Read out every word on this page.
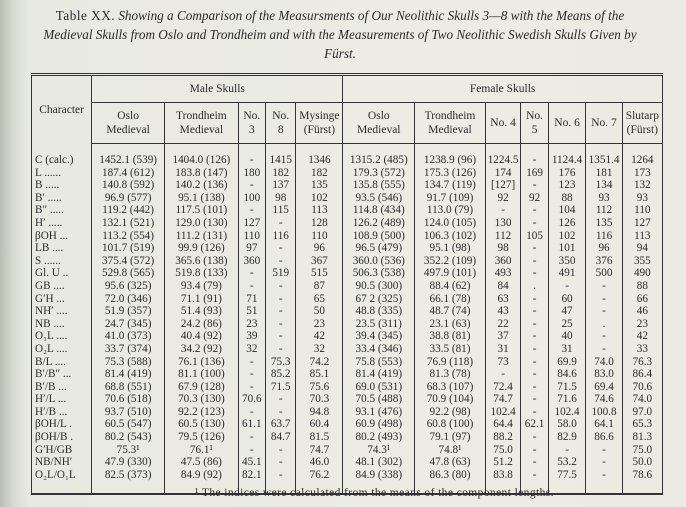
Table XX. Showing a Comparison of the Measursments of Our Neolithic Skulls 3—8 with the Means of the Medieval Skulls from Oslo and Trondheim and with the Measurements of Two Neolithic Swedish Skulls Given by Fürst.
Character	Male Skulls					Female Skulls						
	Oslo Medieval	Trondheim Medieval	No. 3	No. 8	Mysinge (Fürst)	Oslo Medieval	Trondheim Medieval	No. 4	No. 5	No. 6	No. 7	Slutarp (Fürst)

C (calc.)	1452.1 (539)	1404.0 (126)	-	1415	1346	1315.2 (485)	1238.9 (96)	1224.5	-	1124.4	1351.4	1264
L ......	187.4 (612)	183.8 (147)	180	182	182	179.3 (572)	175.3 (126)	174	169	176	181	173
B .....	140.8 (592)	140.2 (136)	-	137	135	135.8 (555)	134.7 (119)	[127]	-	123	134	132
B′ .....	96.9 (577)	95.1 (138)	100	98	102	93.5 (546)	91.7 (109)	92	92	88	93	93
B″ .....	119.2 (442)	117.5 (101)	-	115	113	114.8 (434)	113.0 (79)	-	-	104	112	110
H′ .....	132.1 (521)	129.0 (130)	127	-	128	126.2 (489)	124.0 (105)	130	-	126	135	127
βOH ...	113.2 (554)	111.2 (131)	110	116	110	108.9 (500)	106.3 (102)	112	105	102	116	113
LB ....	101.7 (519)	99.9 (126)	97	-	96	96.5 (479)	95.1 (98)	98	-	101	96	94
S ......	375.4 (572)	365.6 (138)	360	-	367	360.0 (536)	352.2 (109)	360	-	350	376	355
Gl. U ..	529.8 (565)	519.8 (133)	-	519	515	506.3 (538)	497.9 (101)	493	-	491	500	490
GB ....	95.6 (325)	93.4 (79)	-	-	87	90.5 (300)	88.4 (62)	84	.	-	-	88
G′H ...	72.0 (346)	71.1 (91)	71	-	65	67 2 (325)	66.1 (78)	63	-	60	-	66
NH′ ....	51.9 (357)	51.4 (93)	51	-	50	48.8 (335)	48.7 (74)	43	-	47	-	46
NB ....	24.7 (345)	24.2 (86)	23	-	23	23.5 (311)	23.1 (63)	22	-	25	.	23
O₁L ....	41.0 (373)	40.4 (92)	39	-	42	39.4 (345)	38.8 (81)	37	-	40	-	42
O₂L ....	33.7 (374)	34.2 (92)	32	-	32	33.4 (346)	33.5 (81)	31	-	31	-	33
B/L ....	75.3 (588)	76.1 (136)	-	75.3	74.2	75.8 (553)	76.9 (118)	73	-	69.9	74.0	76.3
B′/B″ ...	81.4 (419)	81.1 (100)	-	85.2	85.1	81.4 (419)	81.3 (78)	-	-	84.6	83.0	86.4
B′/B ...	68.8 (551)	67.9 (128)	-	71.5	75.6	69.0 (531)	68.3 (107)	72.4	-	71.5	69.4	70.6
H′/L ...	70.6 (518)	70.3 (130)	70.6	-	70.3	70.5 (488)	70.9 (104)	74.7	-	71.6	74.6	74.0
H′/B ...	93.7 (510)	92.2 (123)	-	-	94.8	93.1 (476)	92.2 (98)	102.4	-	102.4	100.8	97.0
βOH/L .	60.5 (547)	60.5 (130)	61.1	63.7	60.4	60.9 (498)	60.8 (100)	64.4	62.1	58.0	64.1	65.3
βOH/B .	80.2 (543)	79.5 (126)	-	84.7	81.5	80.2 (493)	79.1 (97)	88.2	-	82.9	86.6	81.3
G′H/GB	75.3¹	76.1¹	-	-	74.7	74.3¹	74.8¹	75.0	-	-	-	75.0
NB/NH′	47.9 (330)	47.5 (86)	45.1	-	46.0	48.1 (302)	47.8 (63)	51.2	-	53.2	-	50.0
O₂L/O₁L	82.5 (373)	84.9 (92)	82.1	-	76.2	84.9 (338)	86.3 (80)	83.8	-	77.5	-	78.6

¹ The indices were calculated from the means of the component lengths.
